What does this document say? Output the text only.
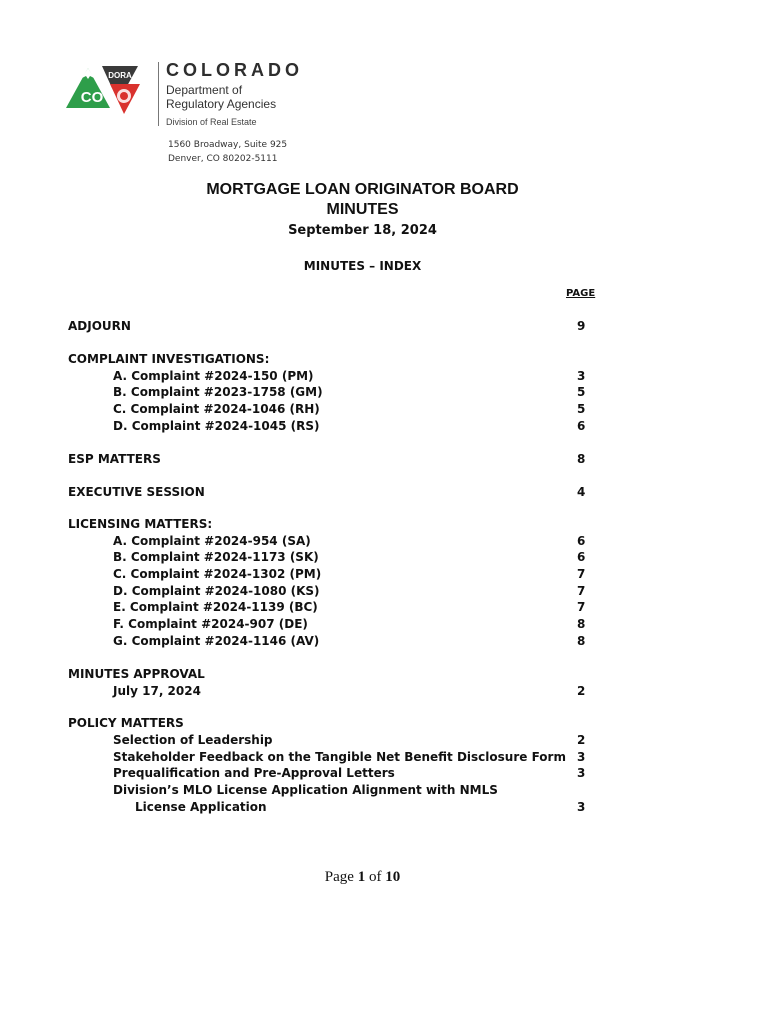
DORA
CO
COLORADO
Department of
Regulatory Agencies
Division of Real Estate
1560 Broadway, Suite 925
Denver, CO 80202-5111
MORTGAGE LOAN ORIGINATOR BOARD
MINUTES
September 18, 2024
MINUTES – INDEX
PAGE
ADJOURN	9
COMPLAINT INVESTIGATIONS:
A. Complaint #2024-150 (PM)	3
B. Complaint #2023-1758 (GM)	5
C. Complaint #2024-1046 (RH)	5
D. Complaint #2024-1045 (RS)	6
ESP MATTERS	8
EXECUTIVE SESSION	4
LICENSING MATTERS:
A. Complaint #2024-954 (SA)	6
B. Complaint #2024-1173 (SK)	6
C. Complaint #2024-1302 (PM)	7
D. Complaint #2024-1080 (KS)	7
E. Complaint #2024-1139 (BC)	7
F. Complaint #2024-907 (DE)	8
G. Complaint #2024-1146 (AV)	8
MINUTES APPROVAL
July 17, 2024	2
POLICY MATTERS
Selection of Leadership	2
Stakeholder Feedback on the Tangible Net Benefit Disclosure Form 3
Prequalification and Pre-Approval Letters	3
Division’s MLO License Application Alignment with NMLS
License Application	3
Page 1 of 10
